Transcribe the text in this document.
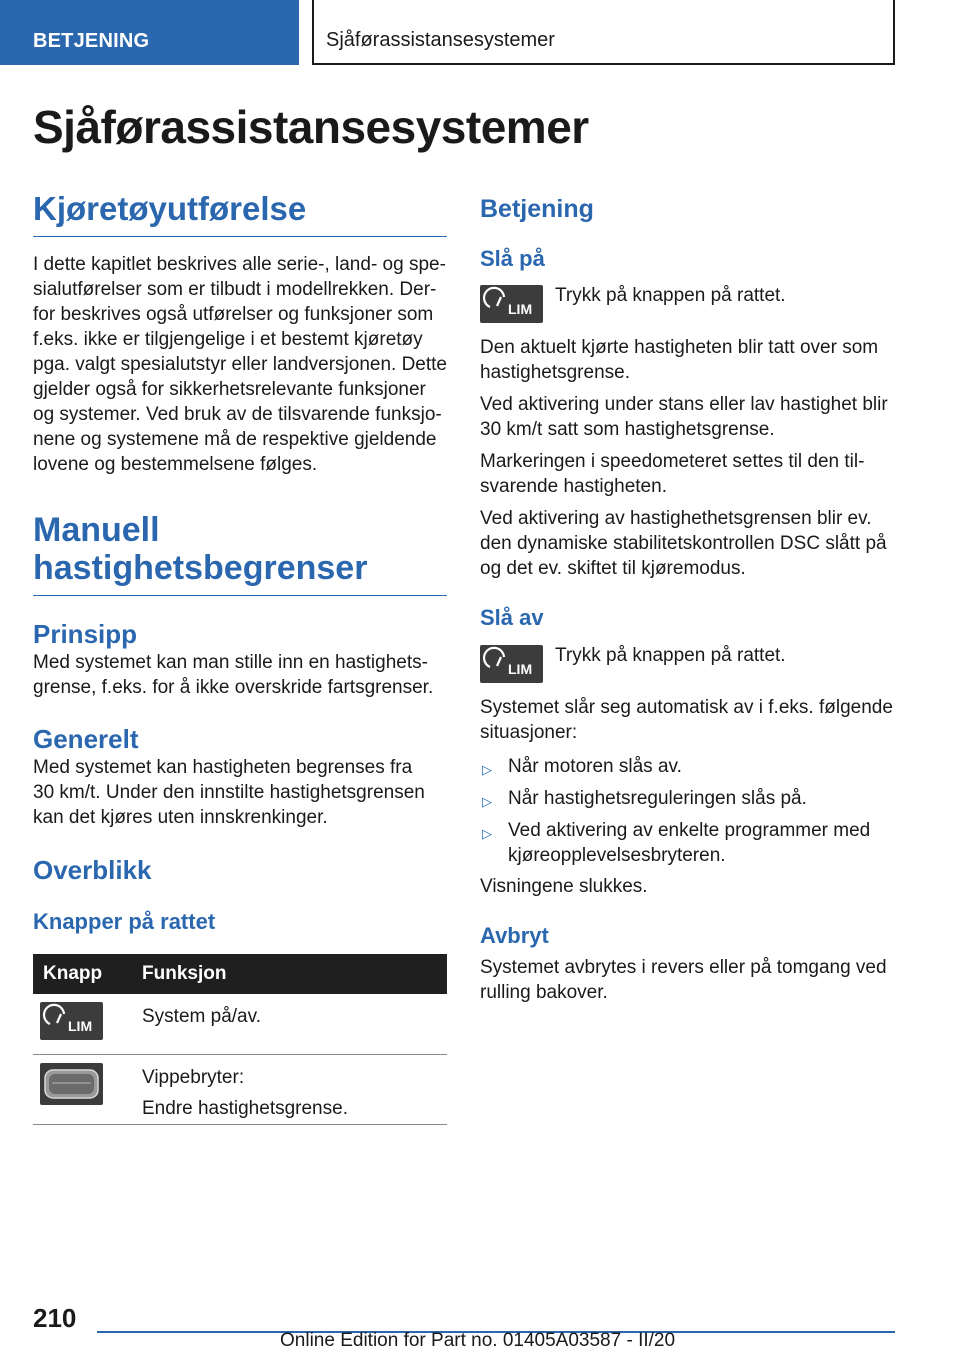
BETJENING	Sjåførassistansesystemer
Sjåførassistansesystemer
Kjøretøyutførelse

I dette kapitlet beskrives alle serie-, land- og spe-
sialutførelser som er tilbudt i modellrekken. Der-
for beskrives også utførelser og funksjoner som
f.eks. ikke er tilgjengelige i et bestemt kjøretøy
pga. valgt spesialutstyr eller landversjonen. Dette
gjelder også for sikkerhetsrelevante funksjoner
og systemer. Ved bruk av de tilsvarende funksjo-
nene og systemene må de respektive gjeldende
lovene og bestemmelsene følges.

Manuell
hastighetsbegrenser
Prinsipp

Med systemet kan man stille inn en hastighets-
grense, f.eks. for å ikke overskride fartsgrenser.

Generelt

Med systemet kan hastigheten begrenses fra
30 km/t. Under den innstilte hastighetsgrensen
kan det kjøres uten innskrenkinger.

Overblikk
Knapper på rattet
Knapp	Funksjon

LIM	System på/av.
	Vippebryter:
Endre hastighetsgrense.
Betjening
Slå på
LIM

Trykk på knappen på rattet.

Den aktuelt kjørte hastigheten blir tatt over som
hastighetsgrense.

Ved aktivering under stans eller lav hastighet blir
30 km/t satt som hastighetsgrense.

Markeringen i speedometeret settes til den til-
svarende hastigheten.

Ved aktivering av hastighethetsgrensen blir ev.
den dynamiske stabilitetskontrollen DSC slått på
og det ev. skiftet til kjøremodus.

Slå av
LIM

Trykk på knappen på rattet.

Systemet slår seg automatisk av i f.eks. følgende
situasjoner:

▷ Når motoren slås av.
▷ Når hastighetsreguleringen slås på.
▷ Ved aktivering av enkelte programmer med
kjøreopplevelsesbryteren.

Visningene slukkes.

Avbryt

Systemet avbrytes i revers eller på tomgang ved
rulling bakover.

210
Online Edition for Part no. 01405A03587 - II/20
